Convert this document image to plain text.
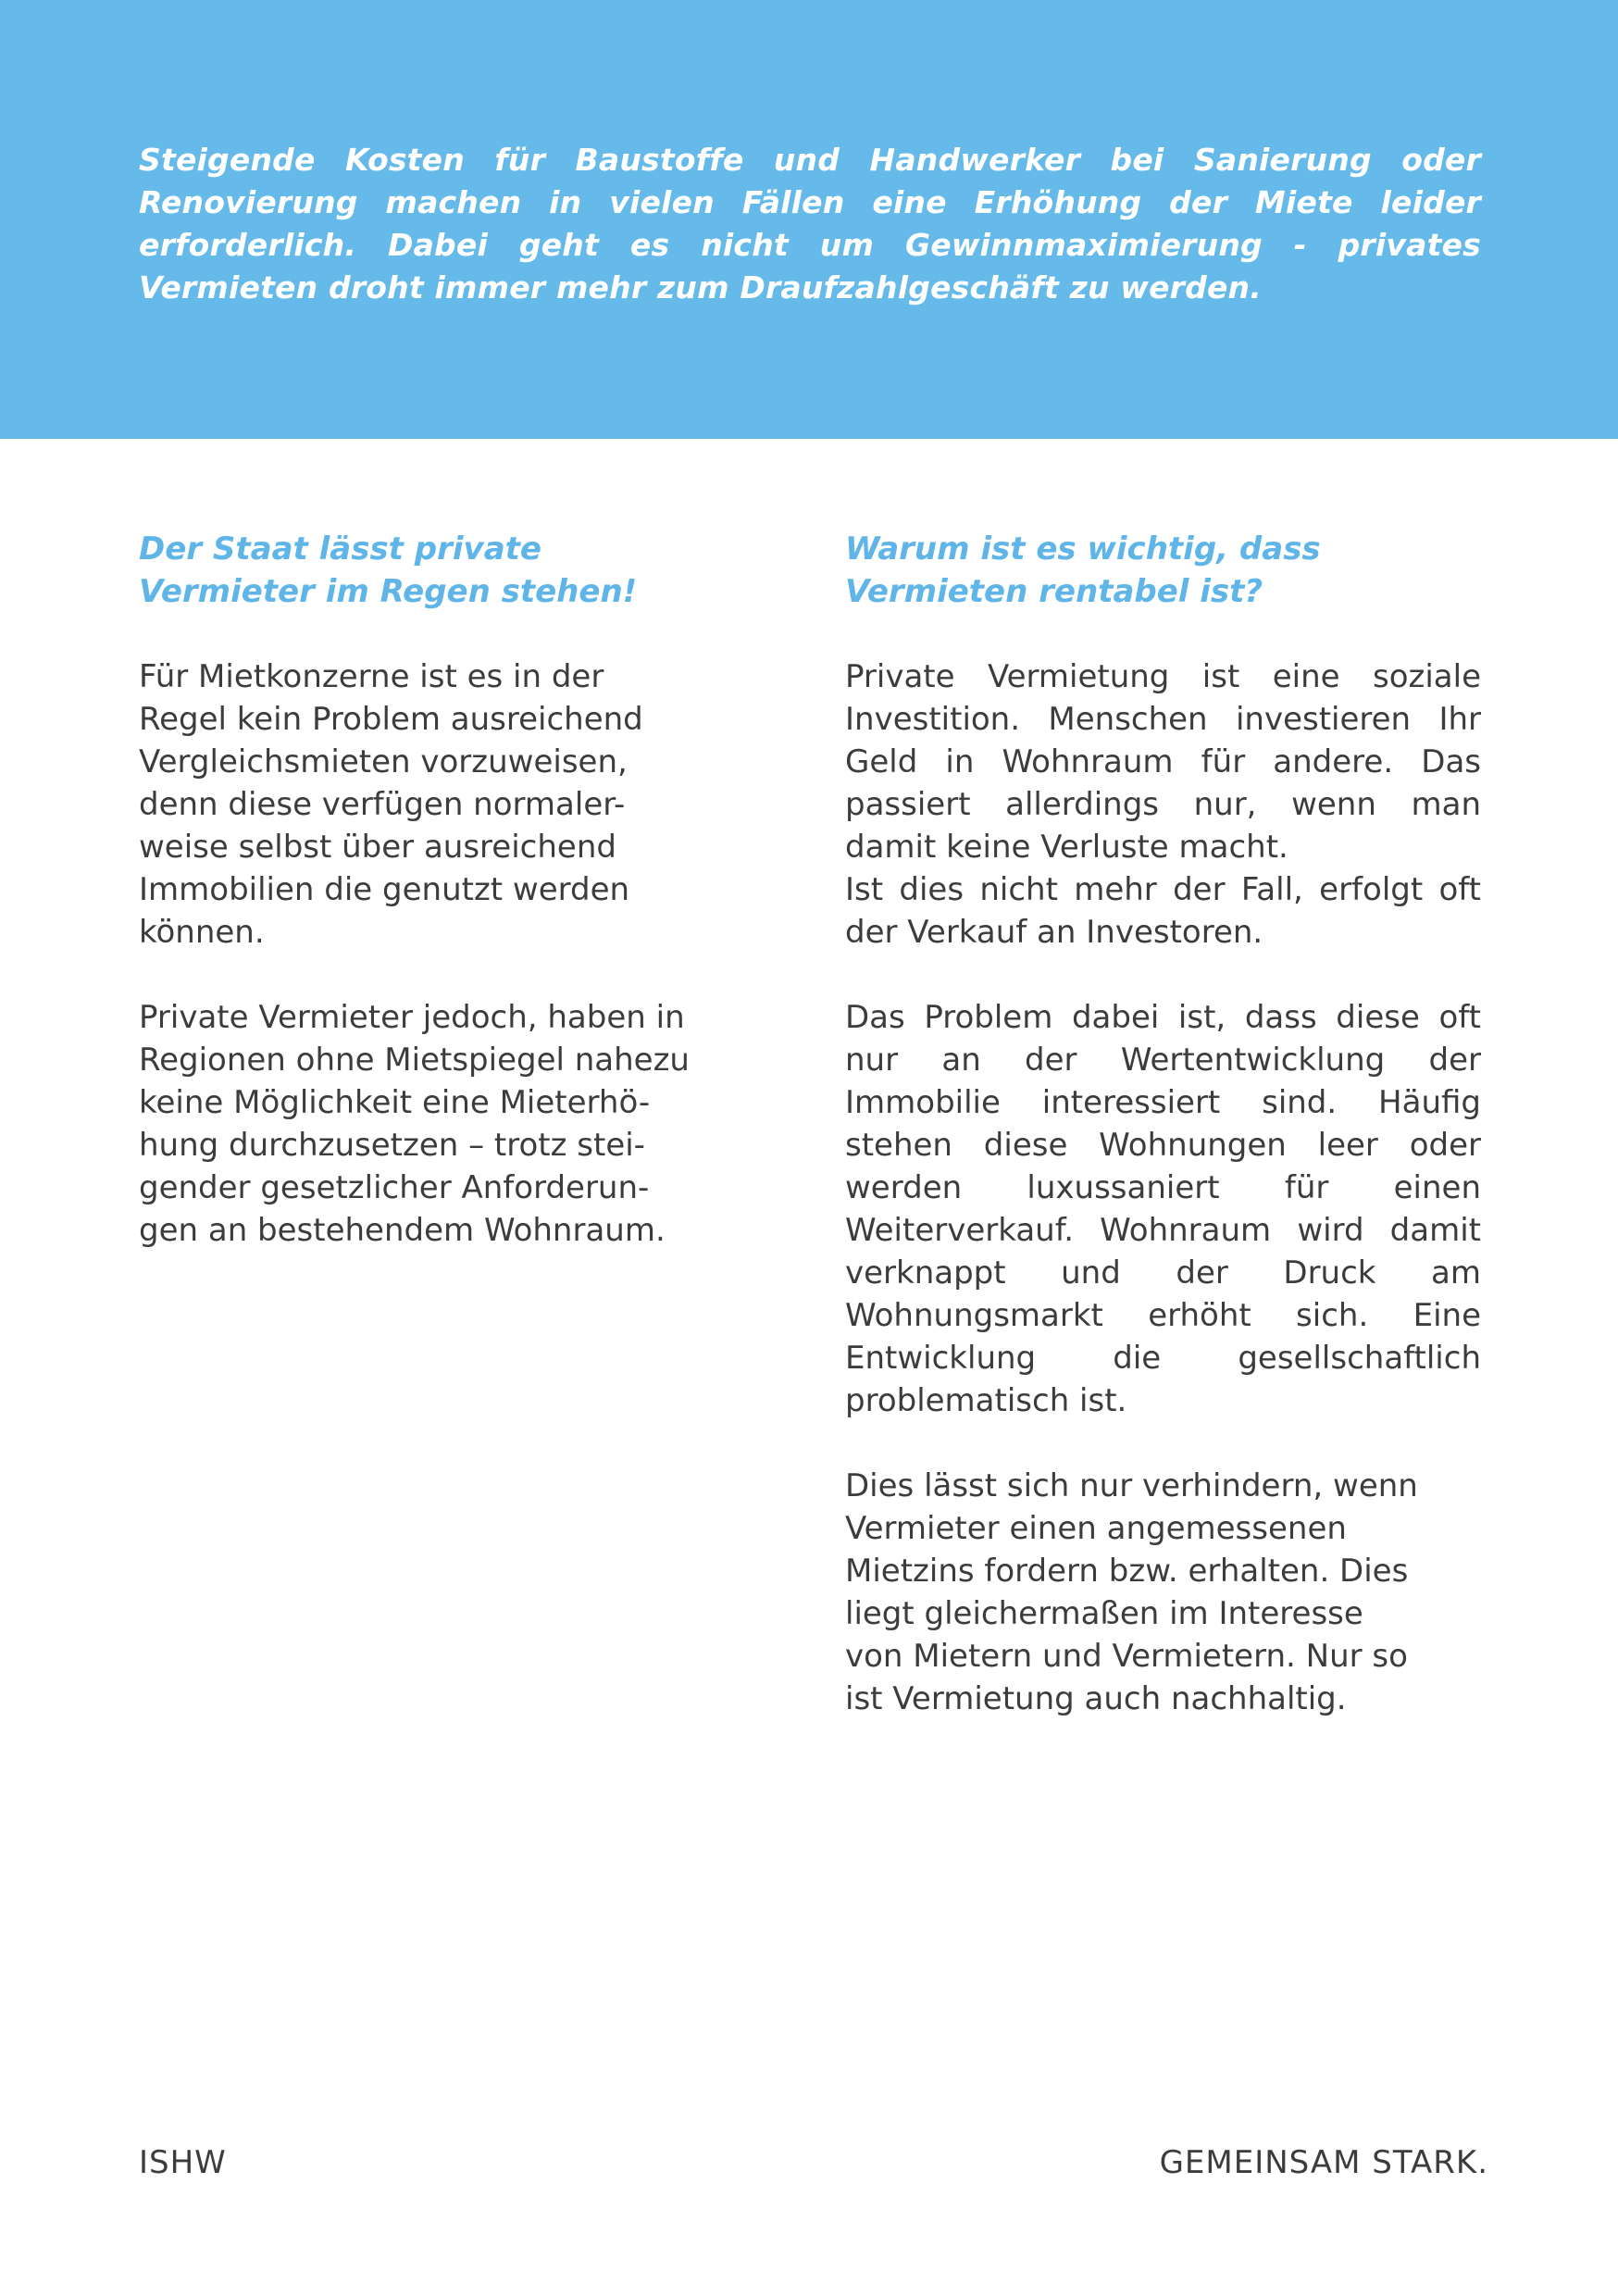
Steigende Kosten für Baustoffe und Handwerker bei Sanierung oder Renovierung machen in vielen Fällen eine Erhöhung der Miete leider erforderlich. Dabei geht es nicht um Gewinnmaximierung - privates Vermieten droht immer mehr zum Draufzahlgeschäft zu werden.

Der Staat lässt private
Vermieter im Regen stehen!

Für Mietkonzerne ist es in der
Regel kein Problem ausreichend
Vergleichsmieten vorzuweisen,
denn diese verfügen normaler-
weise selbst über ausreichend
Immobilien die genutzt werden
können.

Private Vermieter jedoch, haben in
Regionen ohne Mietspiegel nahezu
keine Möglichkeit eine Mieterhö-
hung durchzusetzen – trotz stei-
gender gesetzlicher Anforderun-
gen an bestehendem Wohnraum.

Warum ist es wichtig, dass
Vermieten rentabel ist?

Private Vermietung ist eine soziale Investition. Menschen investieren Ihr Geld in Wohnraum für andere. Das passiert allerdings nur, wenn man damit keine Verluste macht.
Ist dies nicht mehr der Fall, erfolgt oft der Verkauf an Investoren.

Das Problem dabei ist, dass diese oft nur an der Wertentwicklung der Immobilie interessiert sind. Häufig stehen diese Wohnungen leer oder werden luxussaniert für einen Weiterverkauf. Wohnraum wird damit verknappt und der Druck am Wohnungsmarkt erhöht sich. Eine Entwicklung die gesellschaftlich problematisch ist.

Dies lässt sich nur verhindern, wenn
Vermieter einen angemessenen
Mietzins fordern bzw. erhalten. Dies
liegt gleichermaßen im Interesse
von Mietern und Vermietern. Nur so
ist Vermietung auch nachhaltig.

ISHW	GEMEINSAM STARK.
